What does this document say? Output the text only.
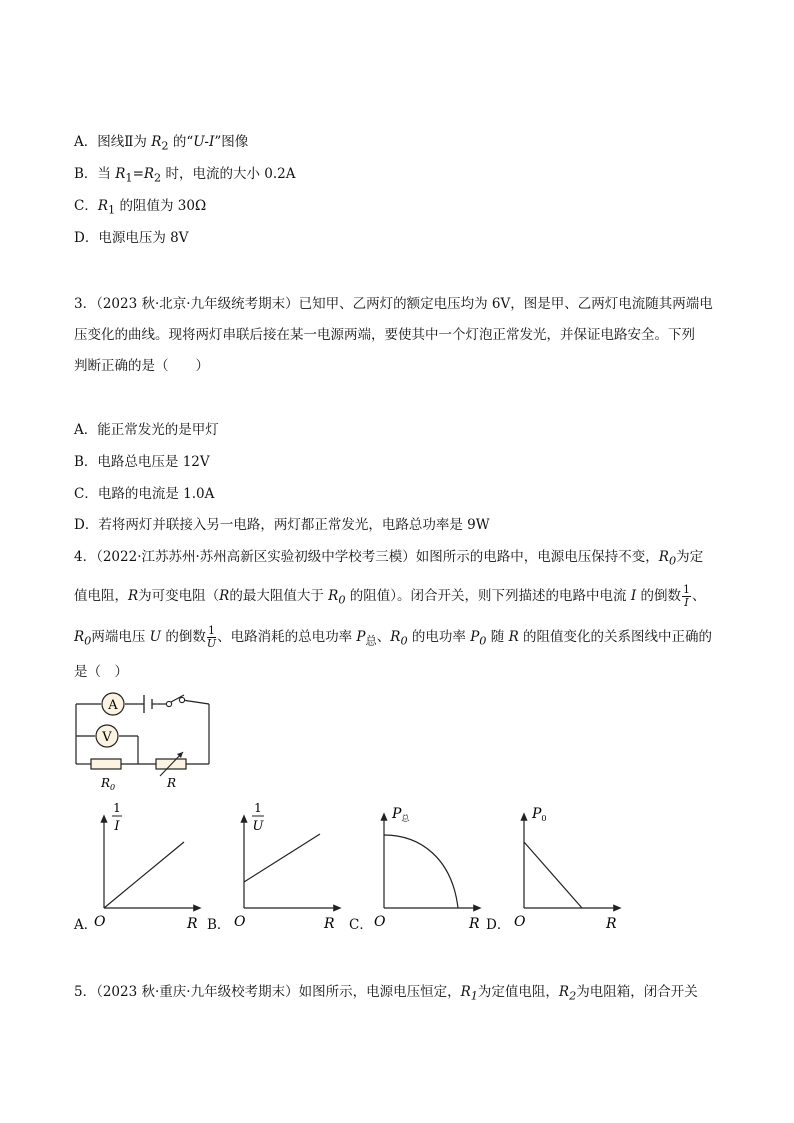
A．图线Ⅱ为 $R_2$ 的“U-I”图像
B．当 $R_1=R_2$ 时，电流的大小 0.2A
C．$R_1$ 的阻值为 30Ω
D．电源电压为 8V
3．（2023 秋·北京·九年级统考期末）已知甲、乙两灯的额定电压均为 6V，图是甲、乙两灯电流随其两端电
压变化的曲线。现将两灯串联后接在某一电源两端，要使其中一个灯泡正常发光，并保证电路安全。下列
判断正确的是（　　）
A．能正常发光的是甲灯
B．电路总电压是 12V
C．电路的电流是 1.0A
D．若将两灯并联接入另一电路，两灯都正常发光，电路总功率是 9W
4．（2022·江苏苏州·苏州高新区实验初级中学校考三模）如图所示的电路中，电源电压保持不变，$R_0$为定
值电阻，R为可变电阻（R的最大阻值大于 $R_0$ 的阻值）。闭合开关，则下列描述的电路中电流 I 的倒数 $\frac{1}{I}$ 、
$R_0$两端电压 U 的倒数 $\frac{1}{U}$ 、电路消耗的总电功率 $P_总$、$R_0$ 的电功率 $P_0$ 随 R 的阻值变化的关系图线中正确的
是（　）
A
V
$R_0$	R
A．
1
I
O	R B．
1
U
O	R C．
$P_总$
O	R D．
$P_0$
O	R
5．（2023 秋·重庆·九年级校考期末）如图所示，电源电压恒定，$R_1$为定值电阻，$R_2$为电阻箱，闭合开关
